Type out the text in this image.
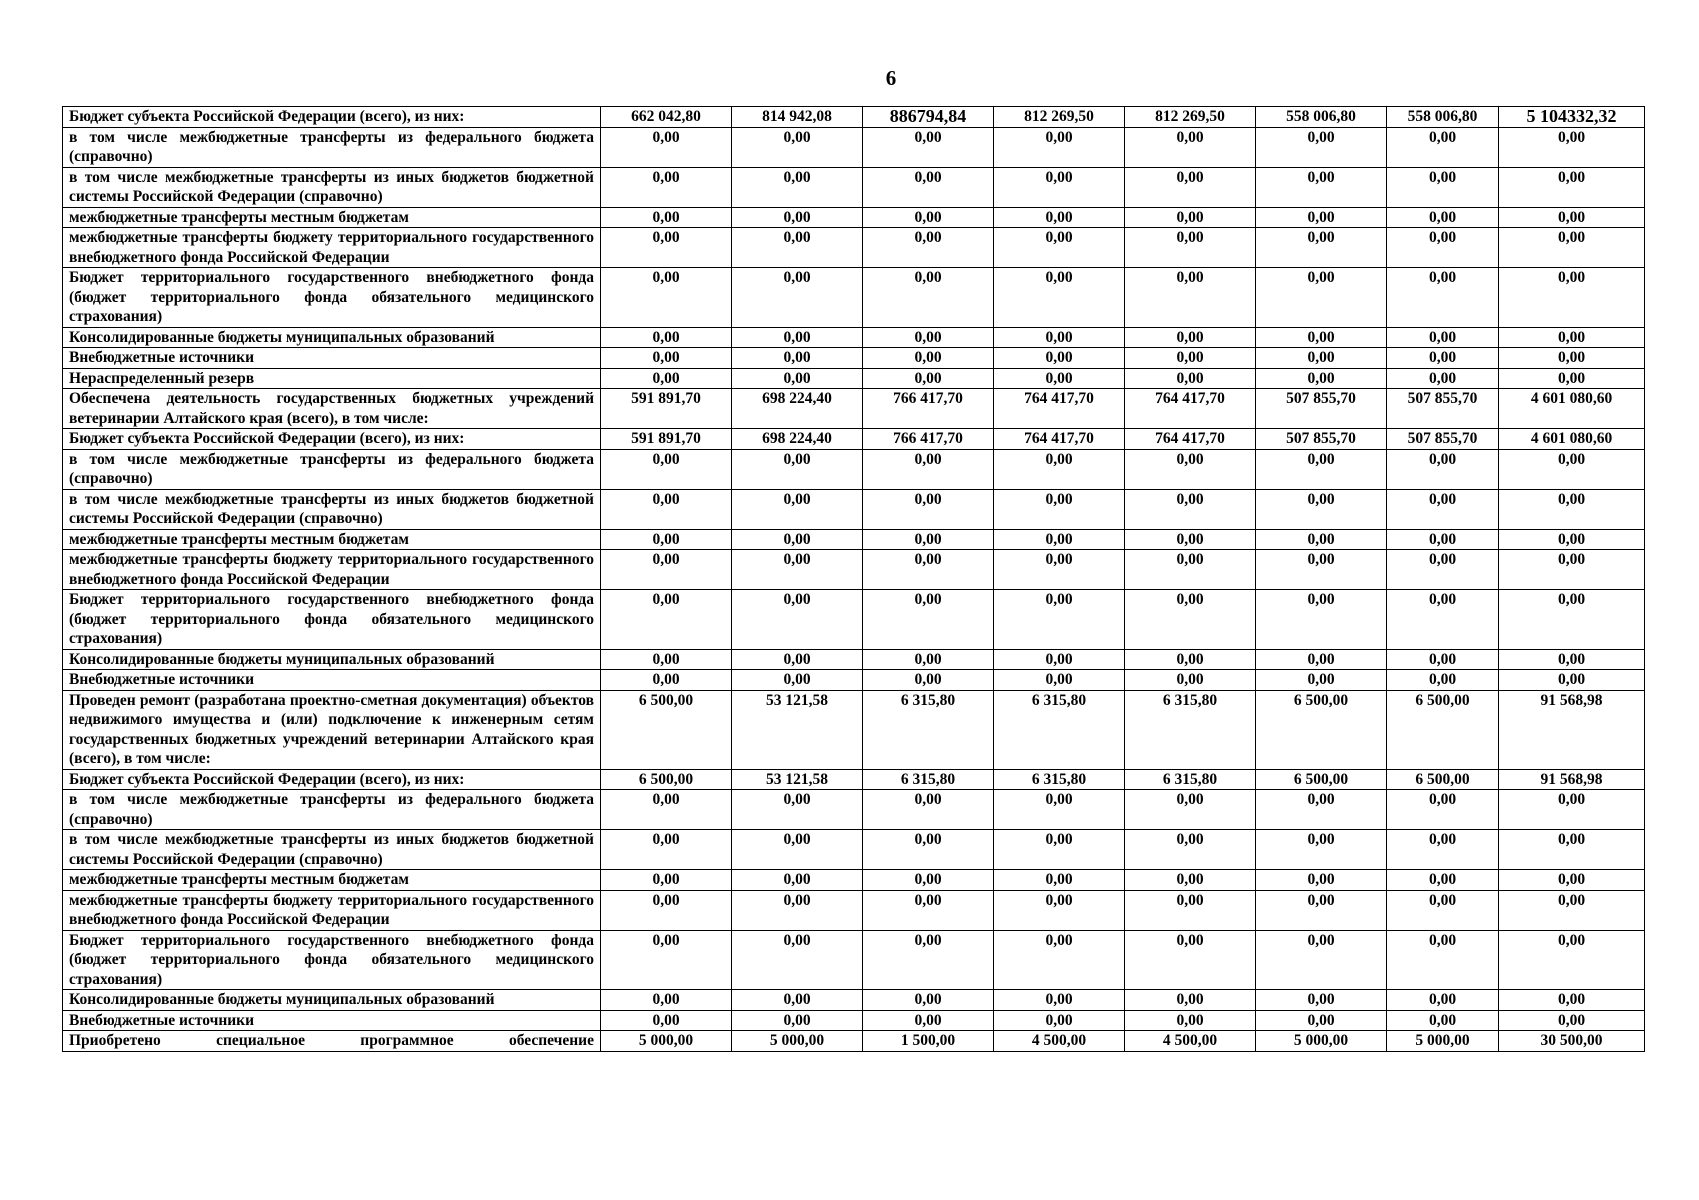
6
Бюджет субъекта Российской Федерации (всего), из них:	662 042,80	814 942,08	886794,84	812 269,50	812 269,50	558 006,80	558 006,80	5 104332,32
в том числе межбюджетные трансферты из федерального бюджета (справочно)	0,00	0,00	0,00	0,00	0,00	0,00	0,00	0,00
в том числе межбюджетные трансферты из иных бюджетов бюджетной системы Российской Федерации (справочно)	0,00	0,00	0,00	0,00	0,00	0,00	0,00	0,00
межбюджетные трансферты местным бюджетам	0,00	0,00	0,00	0,00	0,00	0,00	0,00	0,00
межбюджетные трансферты бюджету территориального государственного внебюджетного фонда Российской Федерации	0,00	0,00	0,00	0,00	0,00	0,00	0,00	0,00
Бюджет территориального государственного внебюджетного фонда (бюджет территориального фонда обязательного медицинского страхования)	0,00	0,00	0,00	0,00	0,00	0,00	0,00	0,00
Консолидированные бюджеты муниципальных образований	0,00	0,00	0,00	0,00	0,00	0,00	0,00	0,00
Внебюджетные источники	0,00	0,00	0,00	0,00	0,00	0,00	0,00	0,00
Нераспределенный резерв	0,00	0,00	0,00	0,00	0,00	0,00	0,00	0,00
Обеспечена деятельность государственных бюджетных учреждений ветеринарии Алтайского края (всего), в том числе:	591 891,70	698 224,40	766 417,70	764 417,70	764 417,70	507 855,70	507 855,70	4 601 080,60
Бюджет субъекта Российской Федерации (всего), из них:	591 891,70	698 224,40	766 417,70	764 417,70	764 417,70	507 855,70	507 855,70	4 601 080,60
в том числе межбюджетные трансферты из федерального бюджета (справочно)	0,00	0,00	0,00	0,00	0,00	0,00	0,00	0,00
в том числе межбюджетные трансферты из иных бюджетов бюджетной системы Российской Федерации (справочно)	0,00	0,00	0,00	0,00	0,00	0,00	0,00	0,00
межбюджетные трансферты местным бюджетам	0,00	0,00	0,00	0,00	0,00	0,00	0,00	0,00
межбюджетные трансферты бюджету территориального государственного внебюджетного фонда Российской Федерации	0,00	0,00	0,00	0,00	0,00	0,00	0,00	0,00
Бюджет территориального государственного внебюджетного фонда (бюджет территориального фонда обязательного медицинского страхования)	0,00	0,00	0,00	0,00	0,00	0,00	0,00	0,00
Консолидированные бюджеты муниципальных образований	0,00	0,00	0,00	0,00	0,00	0,00	0,00	0,00
Внебюджетные источники	0,00	0,00	0,00	0,00	0,00	0,00	0,00	0,00
Проведен ремонт (разработана проектно-сметная документация) объектов недвижимого имущества и (или) подключение к инженерным сетям государственных бюджетных учреждений ветеринарии Алтайского края (всего), в том числе:	6 500,00	53 121,58	6 315,80	6 315,80	6 315,80	6 500,00	6 500,00	91 568,98
Бюджет субъекта Российской Федерации (всего), из них:	6 500,00	53 121,58	6 315,80	6 315,80	6 315,80	6 500,00	6 500,00	91 568,98
в том числе межбюджетные трансферты из федерального бюджета (справочно)	0,00	0,00	0,00	0,00	0,00	0,00	0,00	0,00
в том числе межбюджетные трансферты из иных бюджетов бюджетной системы Российской Федерации (справочно)	0,00	0,00	0,00	0,00	0,00	0,00	0,00	0,00
межбюджетные трансферты местным бюджетам	0,00	0,00	0,00	0,00	0,00	0,00	0,00	0,00
межбюджетные трансферты бюджету территориального государственного внебюджетного фонда Российской Федерации	0,00	0,00	0,00	0,00	0,00	0,00	0,00	0,00
Бюджет территориального государственного внебюджетного фонда (бюджет территориального фонда обязательного медицинского страхования)	0,00	0,00	0,00	0,00	0,00	0,00	0,00	0,00
Консолидированные бюджеты муниципальных образований	0,00	0,00	0,00	0,00	0,00	0,00	0,00	0,00
Внебюджетные источники	0,00	0,00	0,00	0,00	0,00	0,00	0,00	0,00
Приобретено специальное программное обеспечение	5 000,00	5 000,00	1 500,00	4 500,00	4 500,00	5 000,00	5 000,00	30 500,00
